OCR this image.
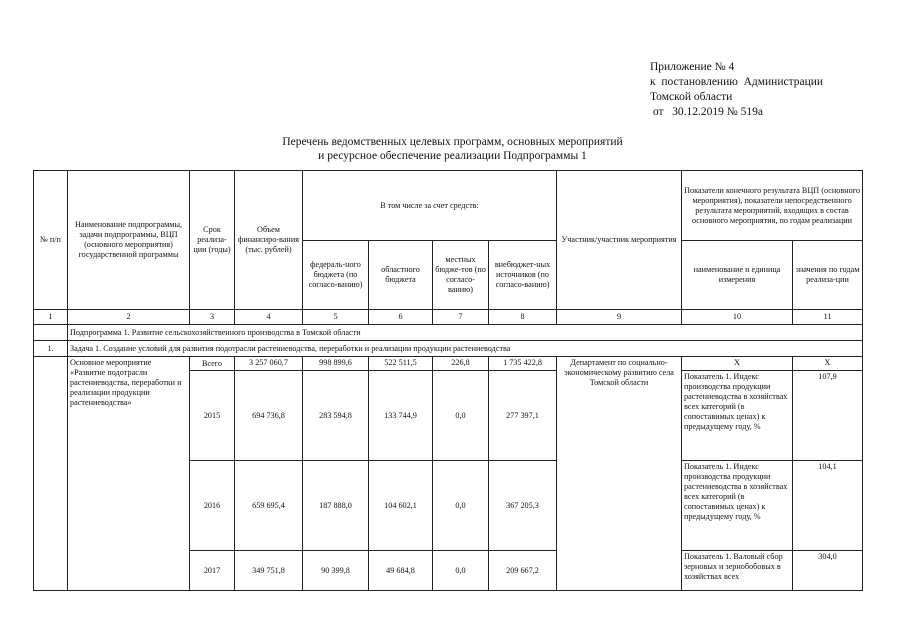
Приложение № 4
к  постановлению  Администрации
Томской области
от   30.12.2019 № 519а
Перечень ведомственных целевых программ, основных мероприятий
и ресурсное обеспечение реализации Подпрограммы 1
№ п/п	Наименование подпрограммы, задачи подпрограммы, ВЦП (основного мероприятия) государственной программы	Срок реализа-ции (годы)	Объем финансиро-вания (тыс. рублей)	В том числе за счет средств:				Участник/участник мероприятия	Показатели конечного результата ВЦП (основного мероприятия), показатели непосредственного результата мероприятий, входящих в состав основного мероприятия, по годам реализации	
				федераль-ного бюджета (по согласо-ванию)	областного бюджета	местных бюдже-тов (по согласо-ванию)	внебюджет-ных источников (по согласо-ванию)		наименование и единица измерения	значения по годам реализа-ции
1	2	3	4	5	6	7	8	9	10	11
	Подпрограмма 1. Развитие сельскохозяйственного производства в Томской области									
1.	Задача 1. Создание условий для развития подотрасли растениеводства, переработки и реализации продукции растениеводства									
	Основное мероприятие «Развитие подотрасли растениеводства, переработки и реализации продукции растениеводства»	Всего	3 257 060,7	998 899,6	522 511,5	226,8	1 735 422,8	Департамент по социально-экономическому развитию села Томской области	Х	Х
		2015	694 736,8	283 594,8	133 744,9	0,0	277 397,1		Показатель 1. Индекс производства продукции растениеводства в хозяйствах всех категорий (в сопоставимых ценах) к предыдущему году, %	107,9
		2016	659 695,4	187 888,0	104 602,1	0,0	367 205,3		Показатель 1. Индекс производства продукции растениеводства в хозяйствах всех категорий (в сопоставимых ценах) к предыдущему году, %	104,1
		2017	349 751,8	90 399,8	49 684,8	0,0	209 667,2		Показатель 1. Валовый сбор зерновых и зернобобовых в хозяйствах всех	304,0
